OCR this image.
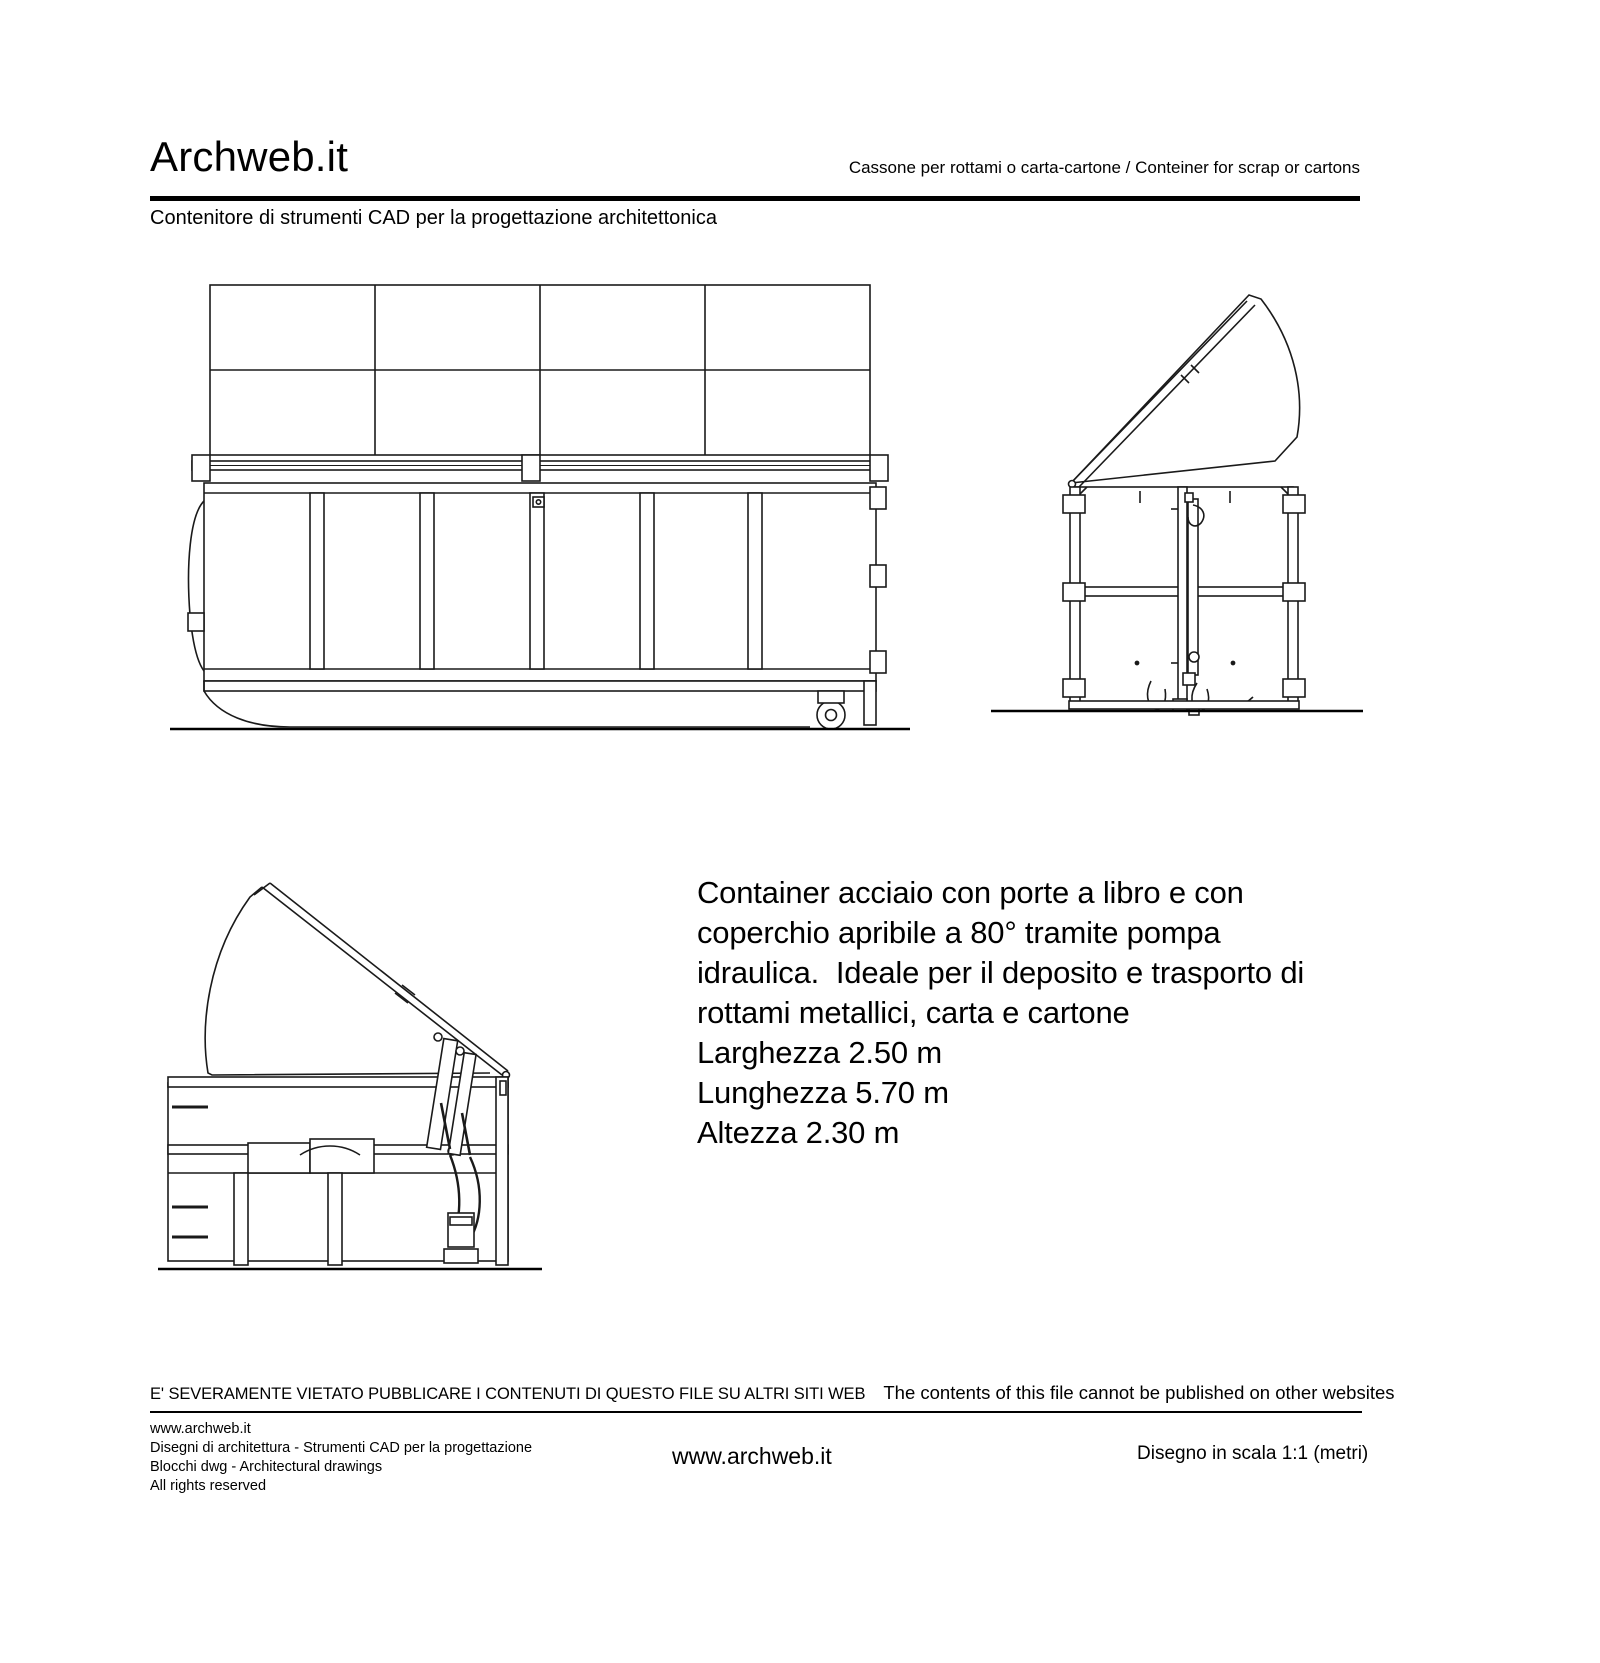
Archweb.it	Cassone per rottami o carta-cartone / Conteiner for scrap or cartons
Contenitore di strumenti CAD per la progettazione architettonica
Container acciaio con porte a libro e con
coperchio apribile a 80° tramite pompa
idraulica.  Ideale per il deposito e trasporto di
rottami metallici, carta e cartone
Larghezza 2.50 m
Lunghezza 5.70 m
Altezza 2.30 m
E' SEVERAMENTE VIETATO PUBBLICARE I CONTENUTI DI QUESTO FILE SU ALTRI SITI WEB The contents of this file cannot be published on other websites
www.archweb.it
Disegni di architettura - Strumenti CAD per la progettazione
Blocchi dwg - Architectural drawings
All rights reserved
www.archweb.it	Disegno in scala 1:1 (metri)
